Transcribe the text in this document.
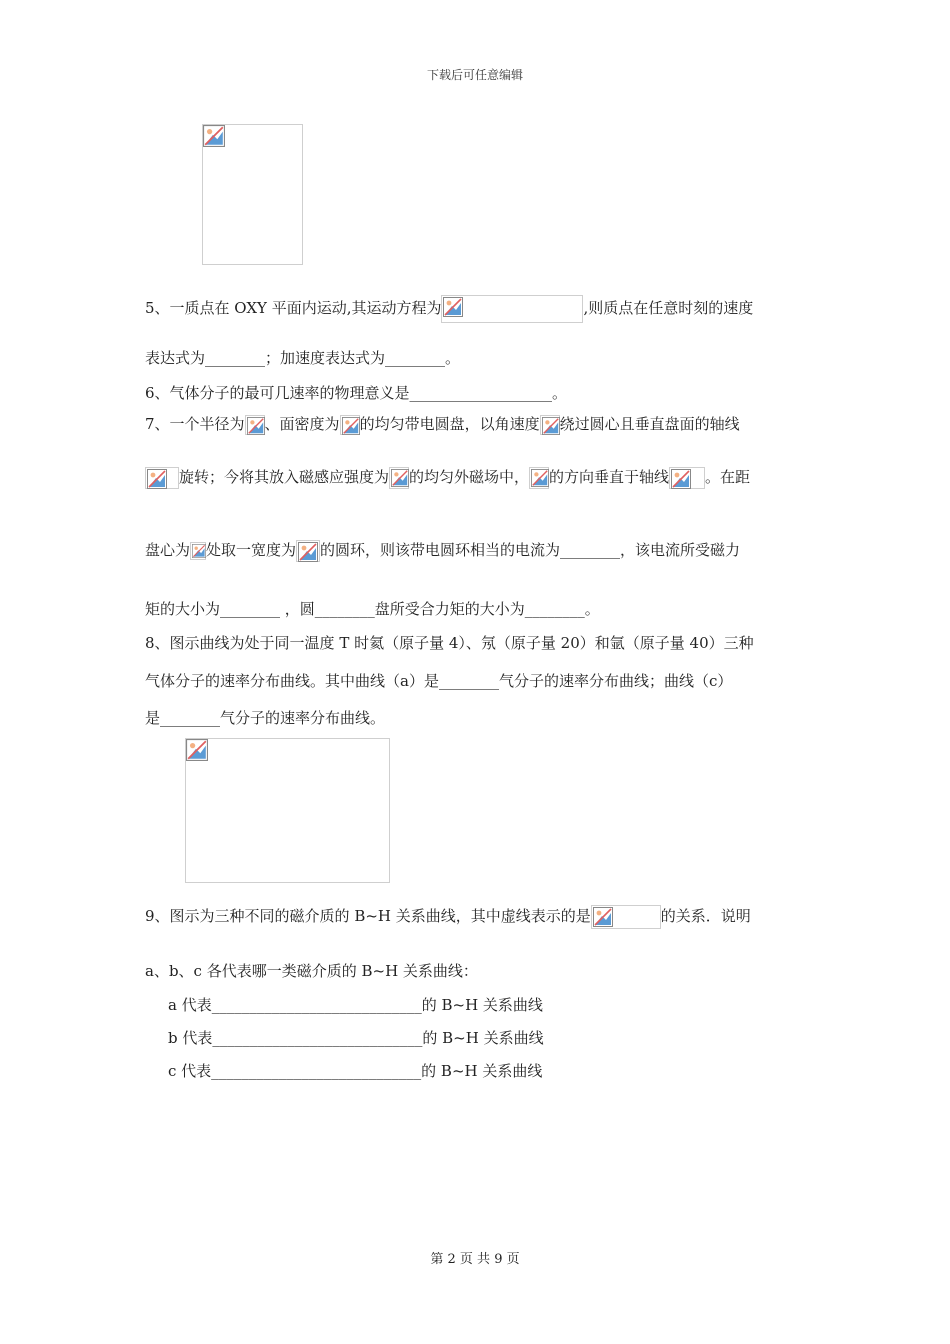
下载后可任意编辑
5、一质点在 OXY 平面内运动,其运动方程为	,则质点在任意时刻的速度
表达式为________；加速度表达式为________。
6、气体分子的最可几速率的物理意义是___________________。
7、一个半径为 、面密度为 的均匀带电圆盘，以角速度 绕过圆心且垂直盘面的轴线
旋转；今将其放入磁感应强度为 的均匀外磁场中， 的方向垂直于轴线 。在距
盘心为 处取一宽度为 的圆环，则该带电圆环相当的电流为________，该电流所受磁力
矩的大小为________ ，圆________盘所受合力矩的大小为________。
8、图示曲线为处于同一温度 T 时氦（原子量 4）、氖（原子量 20）和氩（原子量 40）三种
气体分子的速率分布曲线。其中曲线（a）是________气分子的速率分布曲线；曲线（c）
是________气分子的速率分布曲线。
9、图示为三种不同的磁介质的 B~H 关系曲线，其中虚线表示的是	的关系．说明
a、b、c 各代表哪一类磁介质的 B~H 关系曲线：
a 代表____________________________的 B~H 关系曲线
b 代表____________________________的 B~H 关系曲线
c 代表____________________________的 B~H 关系曲线
第 2 页 共 9 页
